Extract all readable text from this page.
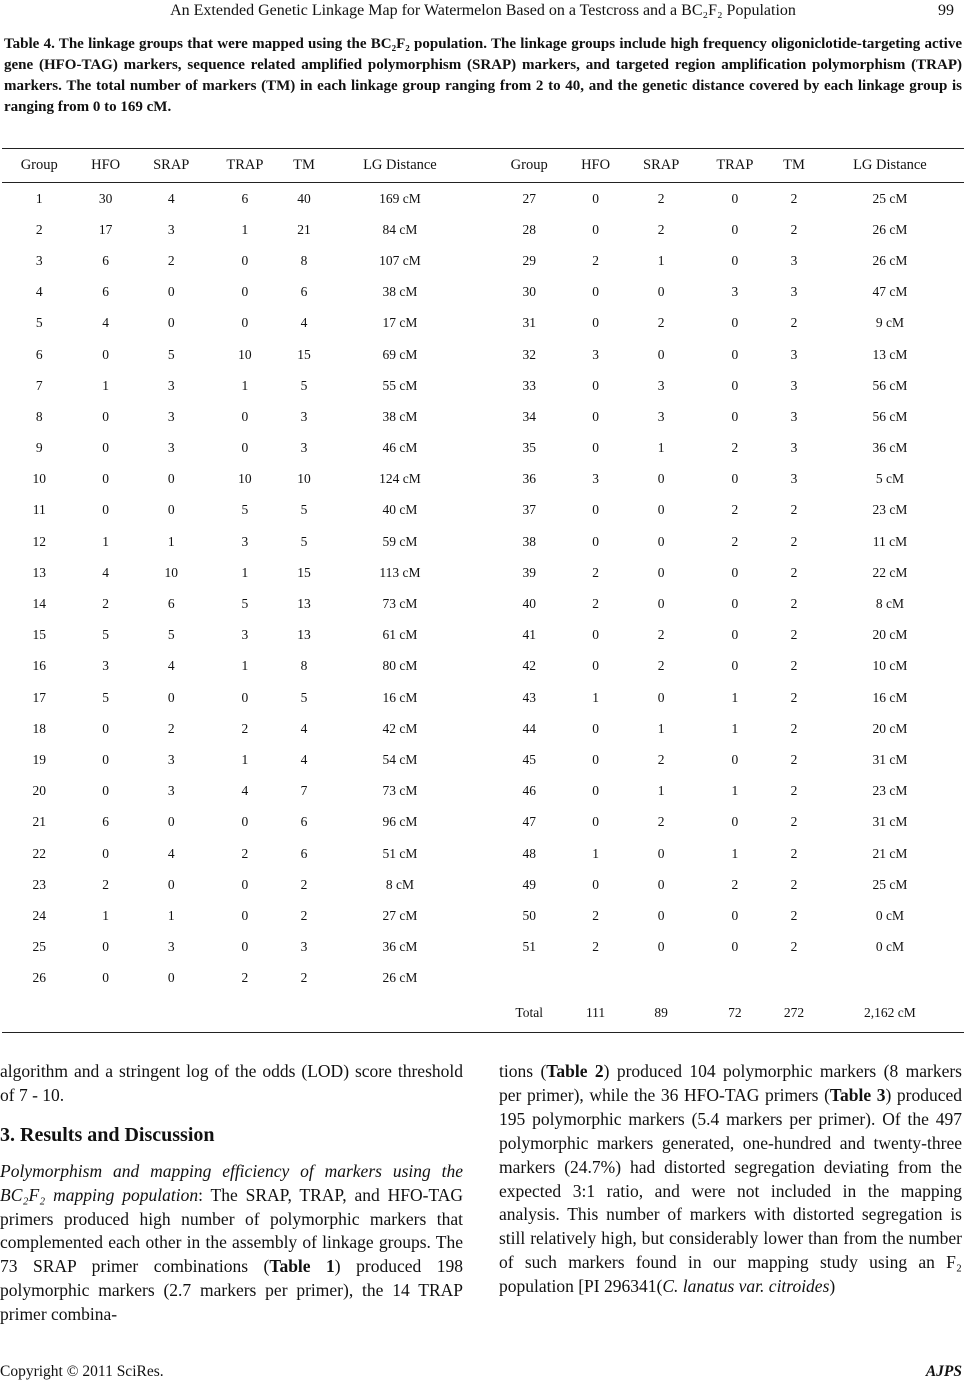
An Extended Genetic Linkage Map for Watermelon Based on a Testcross and a BC₂F₂ Population	99
Table 4. The linkage groups that were mapped using the BC₂F₂ population. The linkage groups include high frequency oligoniclotide-targeting active gene (HFO-TAG) markers, sequence related amplified polymorphism (SRAP) markers, and targeted region amplification polymorphism (TRAP) markers. The total number of markers (TM) in each linkage group ranging from 2 to 40, and the genetic distance covered by each linkage group is ranging from 0 to 169 cM.
Group	HFO	SRAP	TRAP	TM	LG Distance		Group	HFO	SRAP	TRAP	TM	LG Distance
1	30	4	6	40	169 cM		27	0	2	0	2	25 cM
2	17	3	1	21	84 cM		28	0	2	0	2	26 cM
3	6	2	0	8	107 cM		29	2	1	0	3	26 cM
4	6	0	0	6	38 cM		30	0	0	3	3	47 cM
5	4	0	0	4	17 cM		31	0	2	0	2	9 cM
6	0	5	10	15	69 cM		32	3	0	0	3	13 cM
7	1	3	1	5	55 cM		33	0	3	0	3	56 cM
8	0	3	0	3	38 cM		34	0	3	0	3	56 cM
9	0	3	0	3	46 cM		35	0	1	2	3	36 cM
10	0	0	10	10	124 cM		36	3	0	0	3	5 cM
11	0	0	5	5	40 cM		37	0	0	2	2	23 cM
12	1	1	3	5	59 cM		38	0	0	2	2	11 cM
13	4	10	1	15	113 cM		39	2	0	0	2	22 cM
14	2	6	5	13	73 cM		40	2	0	0	2	8 cM
15	5	5	3	13	61 cM		41	0	2	0	2	20 cM
16	3	4	1	8	80 cM		42	0	2	0	2	10 cM
17	5	0	0	5	16 cM		43	1	0	1	2	16 cM
18	0	2	2	4	42 cM		44	0	1	1	2	20 cM
19	0	3	1	4	54 cM		45	0	2	0	2	31 cM
20	0	3	4	7	73 cM		46	0	1	1	2	23 cM
21	6	0	0	6	96 cM		47	0	2	0	2	31 cM
22	0	4	2	6	51 cM		48	1	0	1	2	21 cM
23	2	0	0	2	8 cM		49	0	0	2	2	25 cM
24	1	1	0	2	27 cM		50	2	0	0	2	0 cM
25	0	3	0	3	36 cM		51	2	0	0	2	0 cM
26	0	0	2	2	26 cM							
							Total	111	89	72	272	2,162 cM

algorithm and a stringent log of the odds (LOD) score threshold of 7 - 10.

3. Results and Discussion

Polymorphism and mapping efficiency of markers using the BC₂F₂ mapping population: The SRAP, TRAP, and HFO-TAG primers produced high number of polymorphic markers that complemented each other in the assembly of linkage groups. The 73 SRAP primer combinations (Table 1) produced 198 polymorphic markers (2.7 markers per primer), the 14 TRAP primer combina-

tions (Table 2) produced 104 polymorphic markers (8 markers per primer), while the 36 HFO-TAG primers (Table 3) produced 195 polymorphic markers (5.4 markers per primer). Of the 497 polymorphic markers generated, one-hundred and twenty-three markers (24.7%) had distorted segregation deviating from the expected 3:1 ratio, and were not included in the mapping analysis. This number of markers with distorted segregation is still relatively high, but considerably lower than from the number of such markers found in our mapping study using an F₂ population [PI 296341(C. lanatus var. citroides)

Copyright © 2011 SciRes.	AJPS
